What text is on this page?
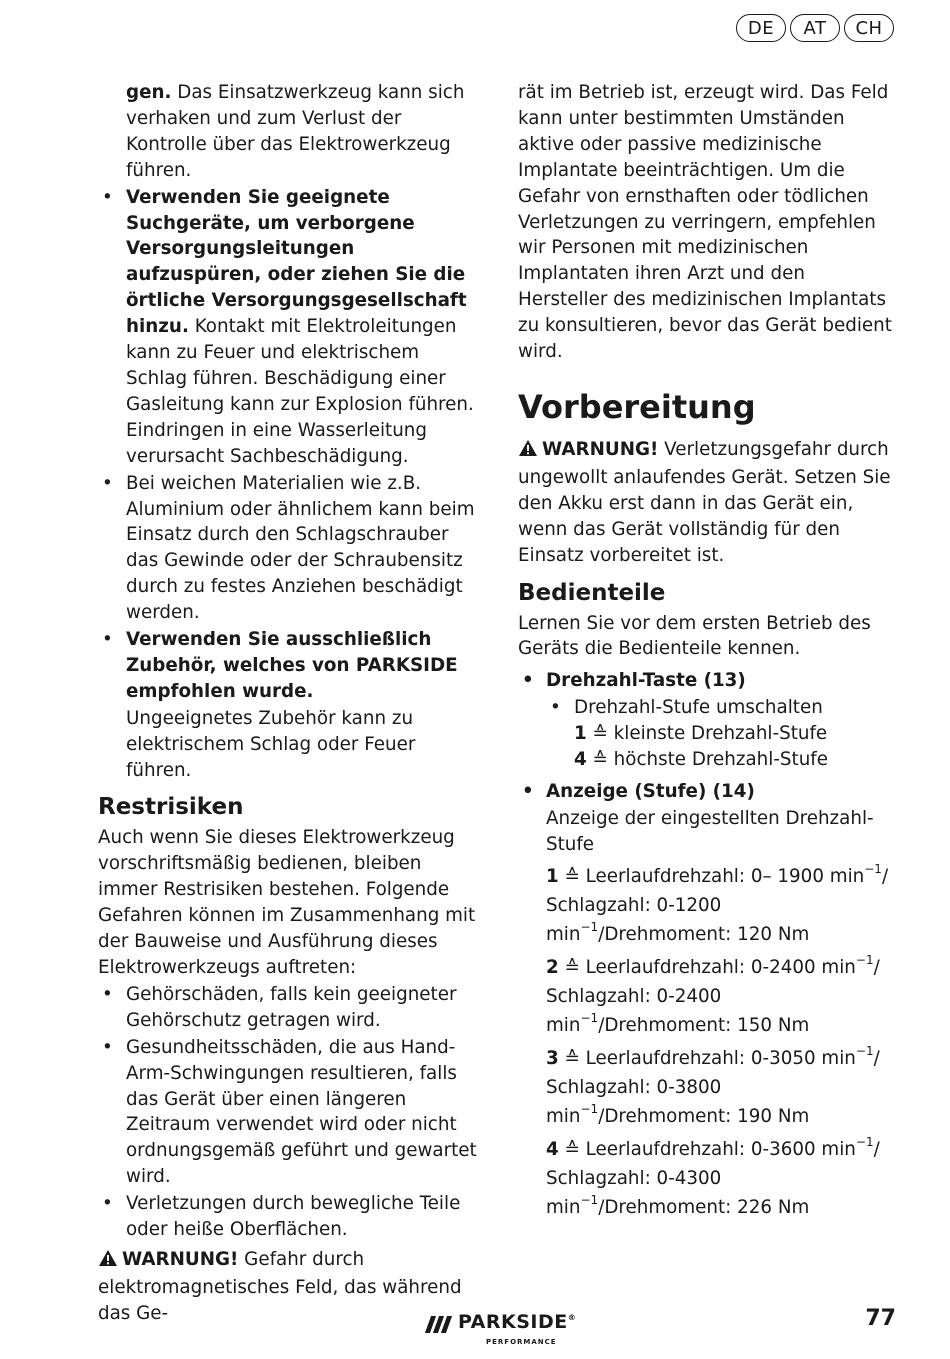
DE	AT	CH

gen. Das Einsatzwerkzeug kann sich verhaken und zum Verlust der Kontrolle über das Elektrowerkzeug führen.

• Verwenden Sie geeignete Suchgeräte, um verborgene Versorgungsleitungen aufzuspüren, oder ziehen Sie die örtliche Versorgungsgesellschaft hinzu. Kontakt mit Elektroleitungen kann zu Feuer und elektrischem Schlag führen. Beschädigung einer Gasleitung kann zur Explosion führen. Eindringen in eine Wasserleitung verursacht Sachbeschädigung.

• Bei weichen Materialien wie z.B. Aluminium oder ähnlichem kann beim Einsatz durch den Schlagschrauber das Gewinde oder der Schraubensitz durch zu festes Anziehen beschädigt werden.

• Verwenden Sie ausschließlich Zubehör, welches von PARKSIDE empfohlen wurde.

Ungeeignetes Zubehör kann zu elektrischem Schlag oder Feuer führen.

Restrisiken

Auch wenn Sie dieses Elektrowerkzeug vorschriftsmäßig bedienen, bleiben immer Restrisiken bestehen. Folgende Gefahren können im Zusammenhang mit der Bauweise und Ausführung dieses Elektrowerkzeugs auftreten:

• Gehörschäden, falls kein geeigneter Gehörschutz getragen wird.

• Gesundheitsschäden, die aus Hand-Arm-Schwingungen resultieren, falls das Gerät über einen längeren Zeitraum verwendet wird oder nicht ordnungsgemäß geführt und gewartet wird.

• Verletzungen durch bewegliche Teile oder heiße Oberflächen.

WARNUNG! Gefahr durch elektromagnetisches Feld, das während das Ge-

rät im Betrieb ist, erzeugt wird. Das Feld kann unter bestimmten Umständen aktive oder passive medizinische Implantate beeinträchtigen. Um die Gefahr von ernsthaften oder tödlichen Verletzungen zu verringern, empfehlen wir Personen mit medizinischen Implantaten ihren Arzt und den Hersteller des medizinischen Implantats zu konsultieren, bevor das Gerät bedient wird.

Vorbereitung

WARNUNG! Verletzungsgefahr durch ungewollt anlaufendes Gerät. Setzen Sie den Akku erst dann in das Gerät ein, wenn das Gerät vollständig für den Einsatz vorbereitet ist.

Bedienteile

Lernen Sie vor dem ersten Betrieb des Geräts die Bedienteile kennen.

• Drehzahl-Taste (13)

• Drehzahl-Stufe umschalten

1 ≙ kleinste Drehzahl-Stufe

4 ≙ höchste Drehzahl-Stufe

• Anzeige (Stufe) (14)

Anzeige der eingestellten Drehzahl-Stufe

1 ≙ Leerlaufdrehzahl: 0– 1900 $\min^{-1}/$ Schlagzahl: 0-1200 $\min^{-1}$/Drehmoment: 120 Nm

2 ≙ Leerlaufdrehzahl: 0-2400 $\min^{-1}/$ Schlagzahl: 0-2400 $\min^{-1}$/Drehmoment: 150 Nm

3 ≙ Leerlaufdrehzahl: 0-3050 $\min^{-1}/$ Schlagzahl: 0-3800 $\min^{-1}$/Drehmoment: 190 Nm

4 ≙ Leerlaufdrehzahl: 0-3600 $\min^{-1}/$ Schlagzahl: 0-4300 $\min^{-1}$/Drehmoment: 226 Nm

PARKSIDE®
PERFORMANCE
77
